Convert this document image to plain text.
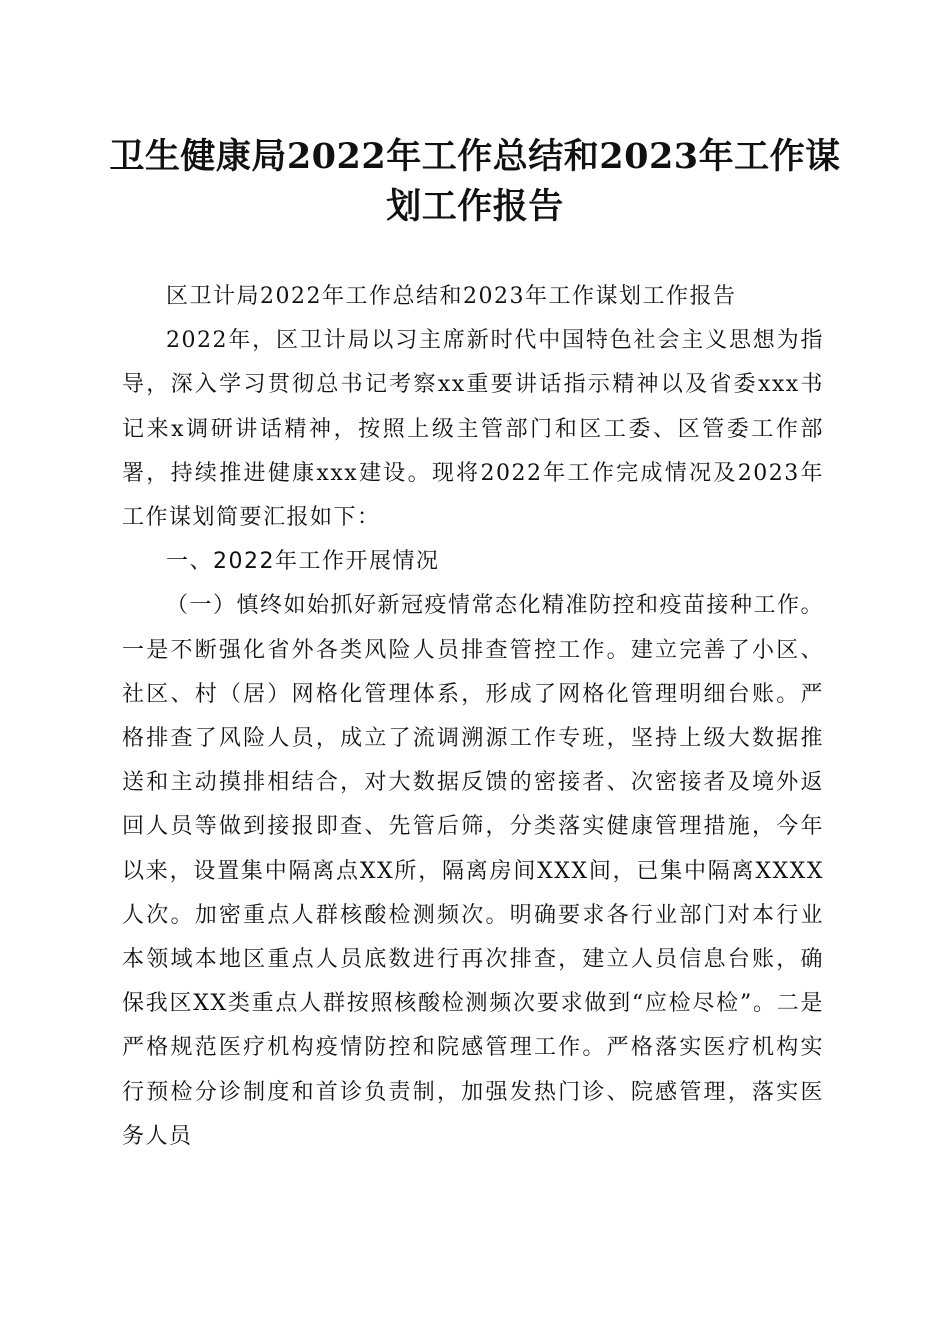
卫生健康局2022年工作总结和2023年工作谋划工作报告

区卫计局2022年工作总结和2023年工作谋划工作报告

2022年，区卫计局以习主席新时代中国特色社会主义思想为指导，深入学习贯彻总书记考察xx重要讲话指示精神以及省委xxx书记来x调研讲话精神，按照上级主管部门和区工委、区管委工作部署，持续推进健康xxx建设。现将2022年工作完成情况及2023年工作谋划简要汇报如下：

一、2022年工作开展情况

（一）慎终如始抓好新冠疫情常态化精准防控和疫苗接种工作。一是不断强化省外各类风险人员排查管控工作。建立完善了小区、社区、村（居）网格化管理体系，形成了网格化管理明细台账。严格排查了风险人员，成立了流调溯源工作专班，坚持上级大数据推送和主动摸排相结合，对大数据反馈的密接者、次密接者及境外返回人员等做到接报即查、先管后筛，分类落实健康管理措施，今年以来，设置集中隔离点XX所，隔离房间XXX间，已集中隔离XXXX人次。加密重点人群核酸检测频次。明确要求各行业部门对本行业本领域本地区重点人员底数进行再次排查，建立人员信息台账，确保我区XX类重点人群按照核酸检测频次要求做到“应检尽检”。二是严格规范医疗机构疫情防控和院感管理工作。严格落实医疗机构实行预检分诊制度和首诊负责制，加强发热门诊、院感管理，落实医务人员
